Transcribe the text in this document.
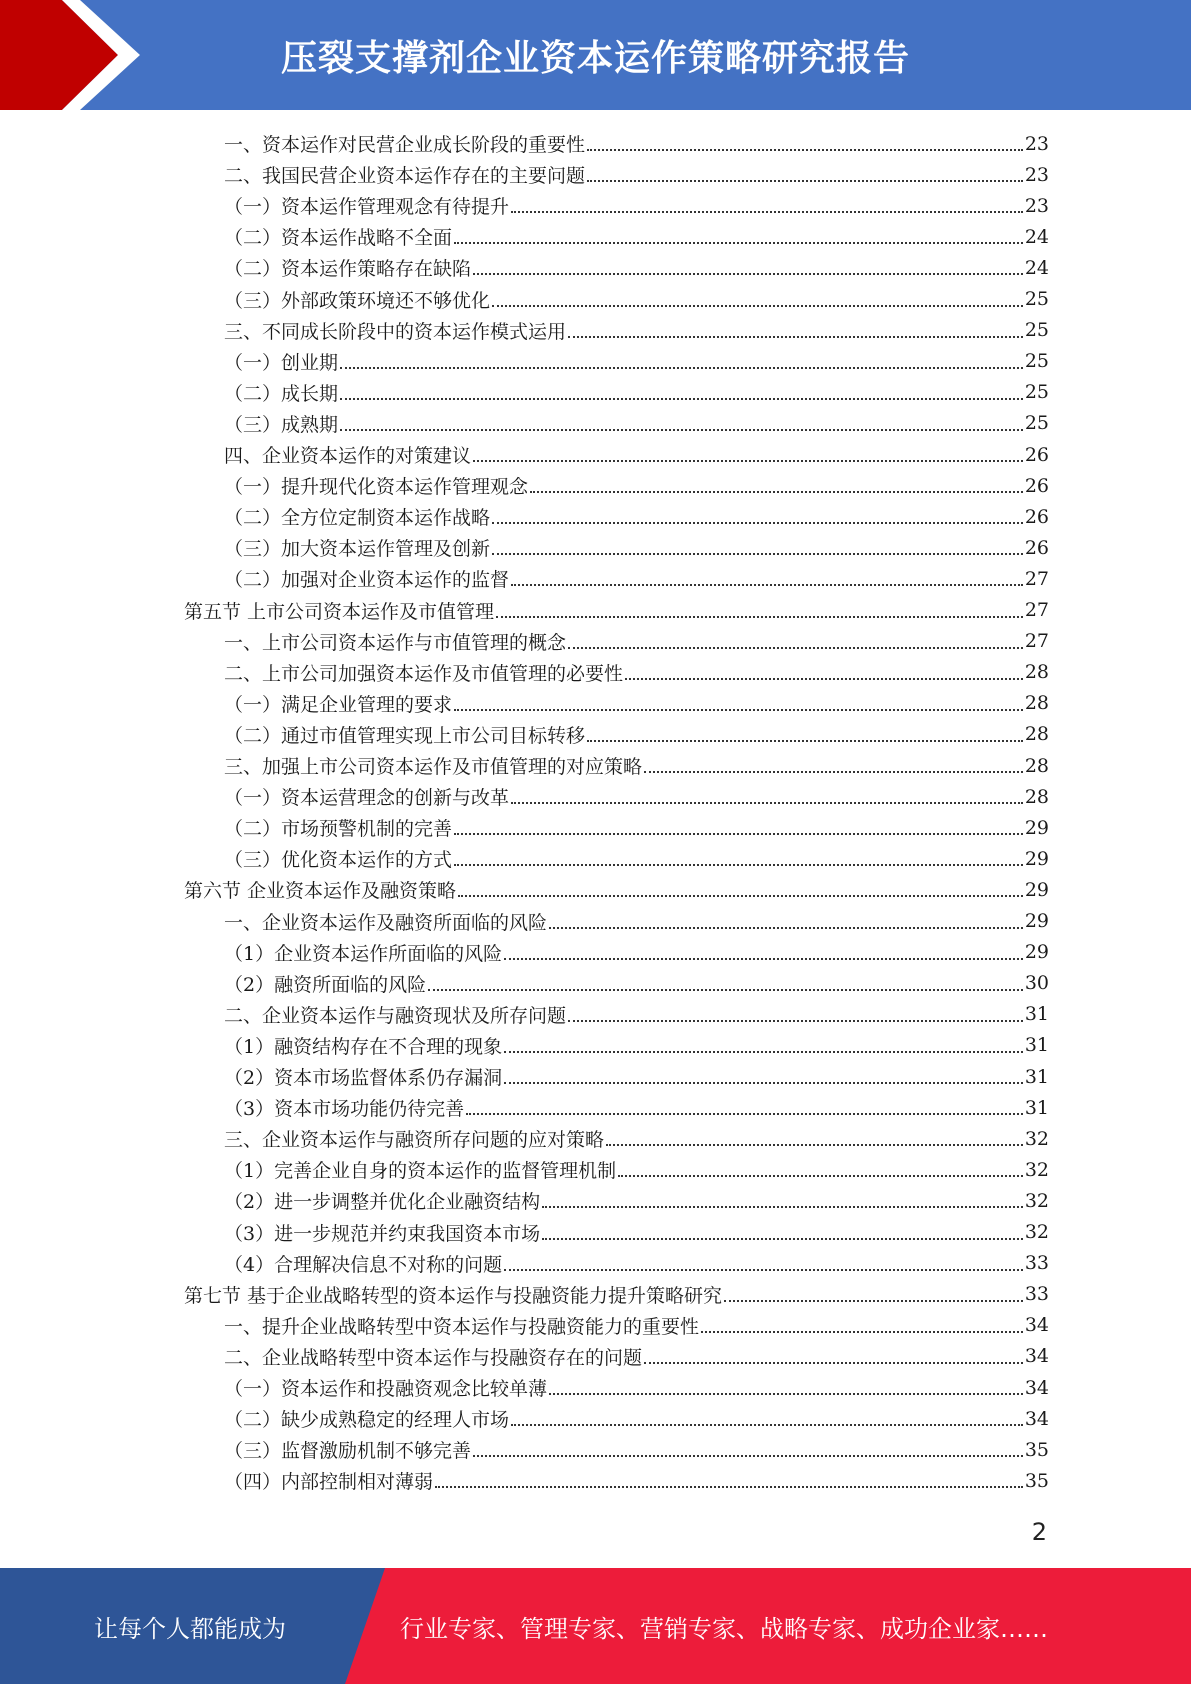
压裂支撑剂企业资本运作策略研究报告
一、资本运作对民营企业成长阶段的重要性	23
二、我国民营企业资本运作存在的主要问题	23
（一）资本运作管理观念有待提升	23
（二）资本运作战略不全面	24
（二）资本运作策略存在缺陷	24
（三）外部政策环境还不够优化	25
三、不同成长阶段中的资本运作模式运用	25
（一）创业期	25
（二）成长期	25
（三）成熟期	25
四、企业资本运作的对策建议	26
（一）提升现代化资本运作管理观念	26
（二）全方位定制资本运作战略	26
（三）加大资本运作管理及创新	26
（二）加强对企业资本运作的监督	27
第五节 上市公司资本运作及市值管理	27
一、上市公司资本运作与市值管理的概念	27
二、上市公司加强资本运作及市值管理的必要性	28
（一）满足企业管理的要求	28
（二）通过市值管理实现上市公司目标转移	28
三、加强上市公司资本运作及市值管理的对应策略	28
（一）资本运营理念的创新与改革	28
（二）市场预警机制的完善	29
（三）优化资本运作的方式	29
第六节 企业资本运作及融资策略	29
一、企业资本运作及融资所面临的风险	29
（1）企业资本运作所面临的风险	29
（2）融资所面临的风险	30
二、企业资本运作与融资现状及所存问题	31
（1）融资结构存在不合理的现象	31
（2）资本市场监督体系仍存漏洞	31
（3）资本市场功能仍待完善	31
三、企业资本运作与融资所存问题的应对策略	32
（1）完善企业自身的资本运作的监督管理机制	32
（2）进一步调整并优化企业融资结构	32
（3）进一步规范并约束我国资本市场	32
（4）合理解决信息不对称的问题	33
第七节 基于企业战略转型的资本运作与投融资能力提升策略研究	33
一、提升企业战略转型中资本运作与投融资能力的重要性	34
二、企业战略转型中资本运作与投融资存在的问题	34
（一）资本运作和投融资观念比较单薄	34
（二）缺少成熟稳定的经理人市场	34
（三）监督激励机制不够完善	35
（四）内部控制相对薄弱	35
2
让每个人都能成为	行业专家、管理专家、营销专家、战略专家、成功企业家……
